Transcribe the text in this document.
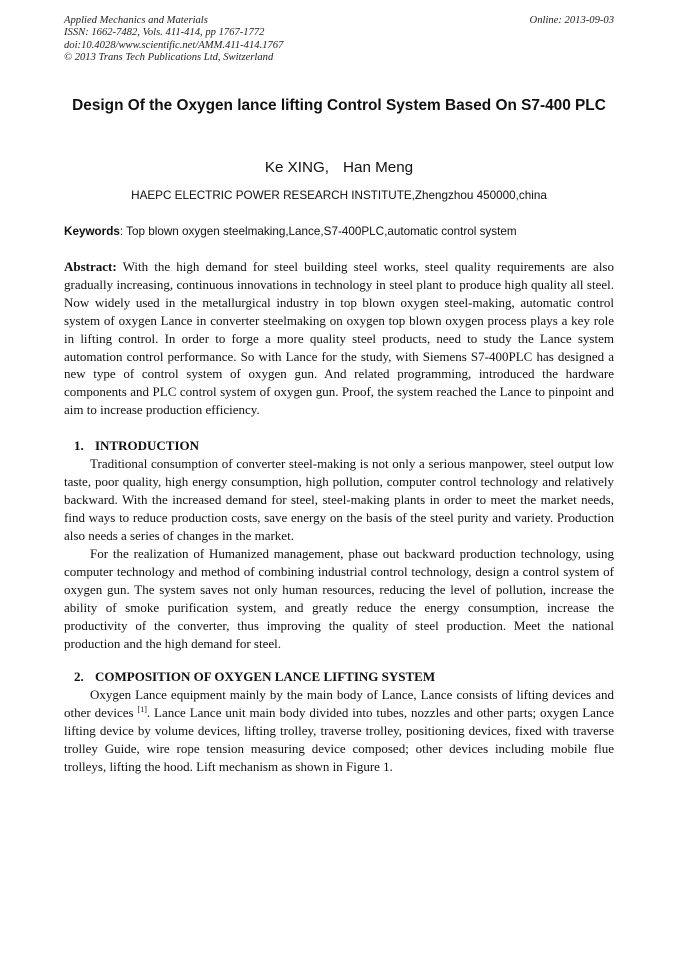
Applied Mechanics and Materials
ISSN: 1662-7482, Vols. 411-414, pp 1767-1772
doi:10.4028/www.scientific.net/AMM.411-414.1767
© 2013 Trans Tech Publications Ltd, Switzerland
Online: 2013-09-03
Design Of the Oxygen lance lifting Control System Based On S7-400 PLC
Ke XING, Han Meng
HAEPC ELECTRIC POWER RESEARCH INSTITUTE,Zhengzhou 450000,china
Keywords: Top blown oxygen steelmaking,Lance,S7-400PLC,automatic control system
Abstract: With the high demand for steel building steel works, steel quality requirements are also gradually increasing, continuous innovations in technology in steel plant to produce high quality all steel. Now widely used in the metallurgical industry in top blown oxygen steel-making, automatic control system of oxygen Lance in converter steelmaking on oxygen top blown oxygen process plays a key role in lifting control. In order to forge a more quality steel products, need to study the Lance system automation control performance. So with Lance for the study, with Siemens S7-400PLC has designed a new type of control system of oxygen gun. And related programming, introduced the hardware components and PLC control system of oxygen gun. Proof, the system reached the Lance to pinpoint and aim to increase production efficiency.
1. INTRODUCTION
Traditional consumption of converter steel-making is not only a serious manpower, steel output low taste, poor quality, high energy consumption, high pollution, computer control technology and relatively backward. With the increased demand for steel, steel-making plants in order to meet the market needs, find ways to reduce production costs, save energy on the basis of the steel purity and variety. Production also needs a series of changes in the market.
For the realization of Humanized management, phase out backward production technology, using computer technology and method of combining industrial control technology, design a control system of oxygen gun. The system saves not only human resources, reducing the level of pollution, increase the ability of smoke purification system, and greatly reduce the energy consumption, increase the productivity of the converter, thus improving the quality of steel production. Meet the national production and the high demand for steel.
2. COMPOSITION OF OXYGEN LANCE LIFTING SYSTEM
Oxygen Lance equipment mainly by the main body of Lance, Lance consists of lifting devices and other devices [1]. Lance Lance unit main body divided into tubes, nozzles and other parts; oxygen Lance lifting device by volume devices, lifting trolley, traverse trolley, positioning devices, fixed with traverse trolley Guide, wire rope tension measuring device composed; other devices including mobile flue trolleys, lifting the hood. Lift mechanism as shown in Figure 1.
